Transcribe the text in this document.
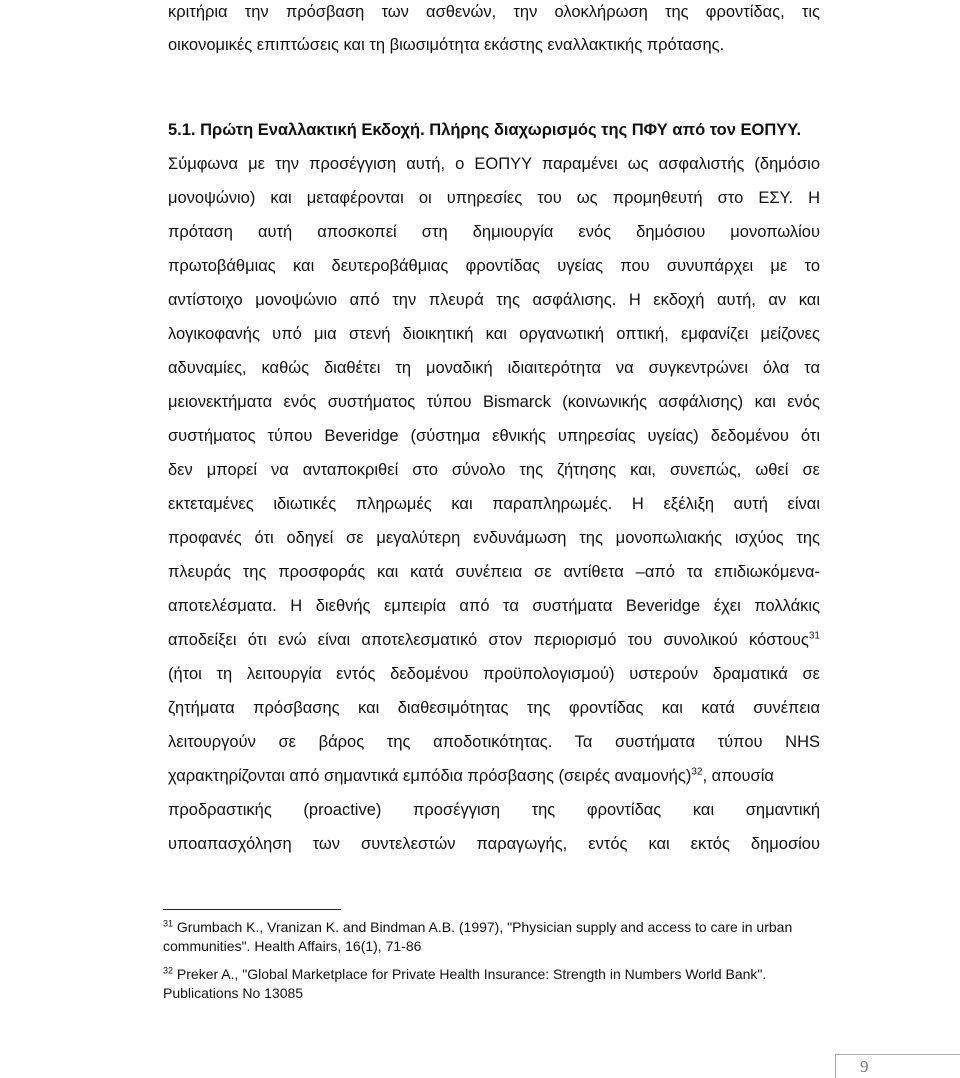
κριτήρια την πρόσβαση των ασθενών, την ολοκλήρωση της φροντίδας, τις
οικονομικές επιπτώσεις και τη βιωσιμότητα εκάστης εναλλακτικής πρότασης.
5.1. Πρώτη Εναλλακτική Εκδοχή. Πλήρης διαχωρισμός της ΠΦΥ από τον ΕΟΠΥΥ.
Σύμφωνα με την προσέγγιση αυτή, ο ΕΟΠΥΥ παραμένει ως ασφαλιστής (δημόσιο
μονοψώνιο) και μεταφέρονται οι υπηρεσίες του ως προμηθευτή στο ΕΣΥ. Η
πρόταση αυτή αποσκοπεί στη δημιουργία ενός δημόσιου μονοπωλίου
πρωτοβάθμιας και δευτεροβάθμιας φροντίδας υγείας που συνυπάρχει με το
αντίστοιχο μονοψώνιο από την πλευρά της ασφάλισης. Η εκδοχή αυτή, αν και
λογικοφανής υπό μια στενή διοικητική και οργανωτική οπτική, εμφανίζει μείζονες
αδυναμίες, καθώς διαθέτει τη μοναδική ιδιαιτερότητα να συγκεντρώνει όλα τα
μειονεκτήματα ενός συστήματος τύπου Bismarck (κοινωνικής ασφάλισης) και ενός
συστήματος τύπου Beveridge (σύστημα εθνικής υπηρεσίας υγείας) δεδομένου ότι
δεν μπορεί να ανταποκριθεί στο σύνολο της ζήτησης και, συνεπώς, ωθεί σε
εκτεταμένες ιδιωτικές πληρωμές και παραπληρωμές. Η εξέλιξη αυτή είναι
προφανές ότι οδηγεί σε μεγαλύτερη ενδυνάμωση της μονοπωλιακής ισχύος της
πλευράς της προσφοράς και κατά συνέπεια σε αντίθετα –από τα επιδιωκόμενα-
αποτελέσματα. Η διεθνής εμπειρία από τα συστήματα Beveridge έχει πολλάκις
αποδείξει ότι ενώ είναι αποτελεσματικό στον περιορισμό του συνολικού κόστους$^{31}$
(ήτοι τη λειτουργία εντός δεδομένου προϋπολογισμού) υστερούν δραματικά σε
ζητήματα πρόσβασης και διαθεσιμότητας της φροντίδας και κατά συνέπεια
λειτουργούν σε βάρος της αποδοτικότητας. Τα συστήματα τύπου NHS
χαρακτηρίζονται από σημαντικά εμπόδια πρόσβασης (σειρές αναμονής)$^{32}$, απουσία
προδραστικής (proactive) προσέγγιση της φροντίδας και σημαντική
υποαπασχόληση των συντελεστών παραγωγής, εντός και εκτός δημοσίου
$^{31}$ Grumbach K., Vranizan K. and Bindman A.B. (1997), "Physician supply and access to care in urban
communities". Health Affairs, 16(1), 71-86
$^{32}$ Preker A., "Global Marketplace for Private Health Insurance: Strength in Numbers World Bank".
Publications No 13085
9
